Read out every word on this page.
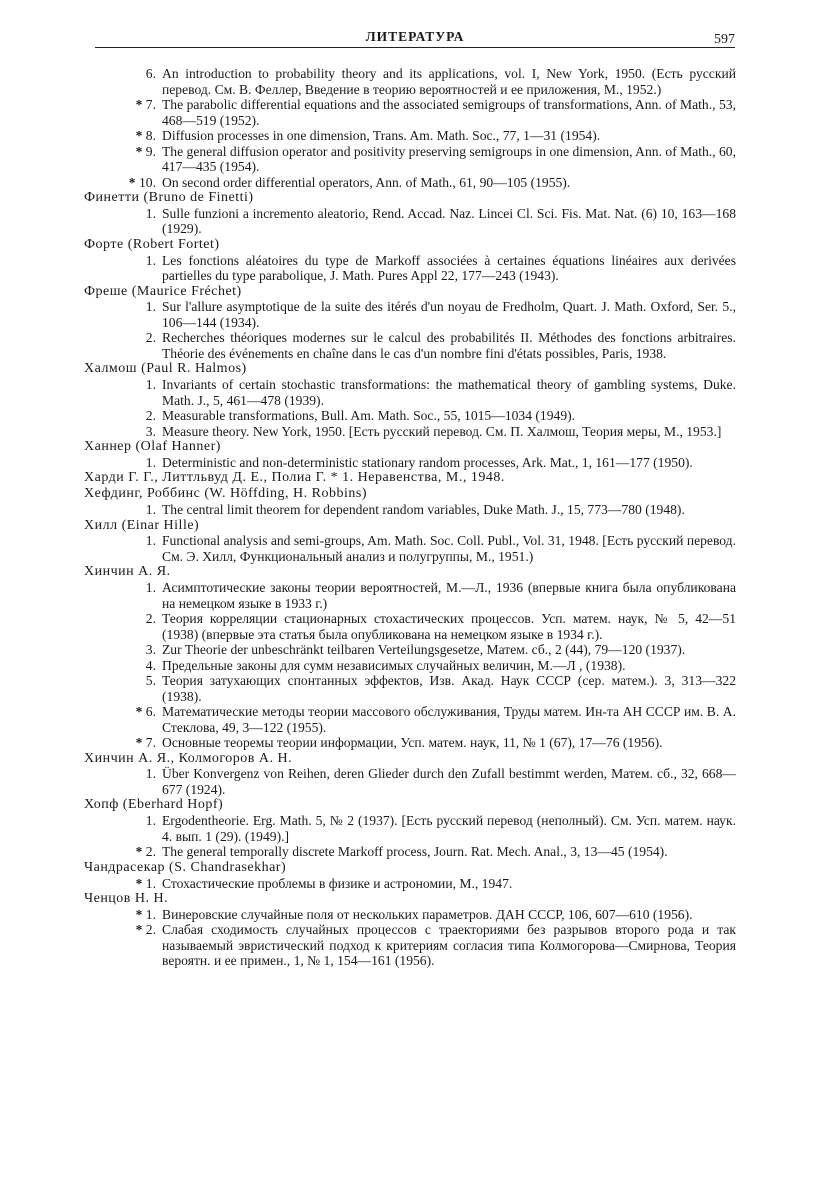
ЛИТЕРАТУРА	597
6. An introduction to probability theory and its applications, vol. I, New York, 1950. (Есть русский перевод. См. В. Феллер, Введение в теорию вероятностей и ее приложения, М., 1952.)
* 7. The parabolic differential equations and the associated semigroups of transformations, Ann. of Math., 53, 468—519 (1952).
* 8. Diffusion processes in one dimension, Trans. Am. Math. Soc., 77, 1—31 (1954).
* 9. The general diffusion operator and positivity preserving semigroups in one dimension, Ann. of Math., 60, 417—435 (1954).
* 10. On second order differential operators, Ann. of Math., 61, 90—105 (1955).
Финетти (Bruno de Finetti)
1. Sulle funzioni a incremento aleatorio, Rend. Accad. Naz. Lincei Cl. Sci. Fis. Mat. Nat. (6) 10, 163—168 (1929).
Форте (Robert Fortet)
1. Les fonctions aléatoires du type de Markoff associées à certaines équations linéaires aux derivées partielles du type parabolique, J. Math. Pures Appl 22, 177—243 (1943).
Фреше (Maurice Fréchet)
1. Sur l'allure asymptotique de la suite des itérés d'un noyau de Fredholm, Quart. J. Math. Oxford, Ser. 5., 106—144 (1934).
2. Recherches théoriques modernes sur le calcul des probabilités II. Méthodes des fonctions arbitraires. Théorie des événements en chaîne dans le cas d'un nombre fini d'états possibles, Paris, 1938.
Халмош (Paul R. Halmos)
1. Invariants of certain stochastic transformations: the mathematical theory of gambling systems, Duke. Math. J., 5, 461—478 (1939).
2. Measurable transformations, Bull. Am. Math. Soc., 55, 1015—1034 (1949).
3. Measure theory. New York, 1950. [Есть русский перевод. См. П. Халмош, Теория меры, М., 1953.]
Ханнер (Olaf Hanner)
1. Deterministic and non-deterministic stationary random processes, Ark. Mat., 1, 161—177 (1950).
Харди Г. Г., Литтльвуд Д. Е., Полиа Г. * 1. Неравенства, М., 1948.
Хефдинг, Роббинс (W. Höffding, H. Robbins)
1. The central limit theorem for dependent random variables, Duke Math. J., 15, 773—780 (1948).
Хилл (Einar Hille)
1. Functional analysis and semi-groups, Am. Math. Soc. Coll. Publ., Vol. 31, 1948. [Есть русский перевод. См. Э. Хилл, Функциональный анализ и полугруппы, М., 1951.)
Хинчин А. Я.
1. Асимптотические законы теории вероятностей, М.—Л., 1936 (впервые книга была опубликована на немецком языке в 1933 г.)
2. Теория корреляции стационарных стохастических процессов. Усп. матем. наук, № 5, 42—51 (1938) (впервые эта статья была опубликована на немецком языке в 1934 г.).
3. Zur Theorie der unbeschränkt teilbaren Verteilungsgesetze, Матем. сб., 2 (44), 79—120 (1937).
4. Предельные законы для сумм независимых случайных величин, М.—Л , (1938).
5. Теория затухающих спонтанных эффектов, Изв. Акад. Наук СССР (сер. матем.). 3, 313—322 (1938).
* 6. Математические методы теории массового обслуживания, Труды матем. Ин-та АН СССР им. В. А. Стеклова, 49, 3—122 (1955).
* 7. Основные теоремы теории информации, Усп. матем. наук, 11, № 1 (67), 17—76 (1956).
Хинчин А. Я., Колмогоров А. Н.
1. Über Konvergenz von Reihen, deren Glieder durch den Zufall bestimmt werden, Матем. сб., 32, 668—677 (1924).
Хопф (Eberhard Hopf)
1. Ergodentheorie. Erg. Math. 5, № 2 (1937). [Есть русский перевод (неполный). См. Усп. матем. наук. 4. вып. 1 (29). (1949).]
* 2. The general temporally discrete Markoff process, Journ. Rat. Mech. Anal., 3, 13—45 (1954).
Чандрасекар (S. Chandrasekhar)
* 1. Стохастические проблемы в физике и астрономии, М., 1947.
Ченцов Н. Н.
* 1. Винеровские случайные поля от нескольких параметров. ДАН СССР, 106, 607—610 (1956).
* 2. Слабая сходимость случайных процессов с траекториями без разрывов второго рода и так называемый эвристический подход к критериям согласия типа Колмогорова—Смирнова, Теория вероятн. и ее примен., 1, № 1, 154—161 (1956).
